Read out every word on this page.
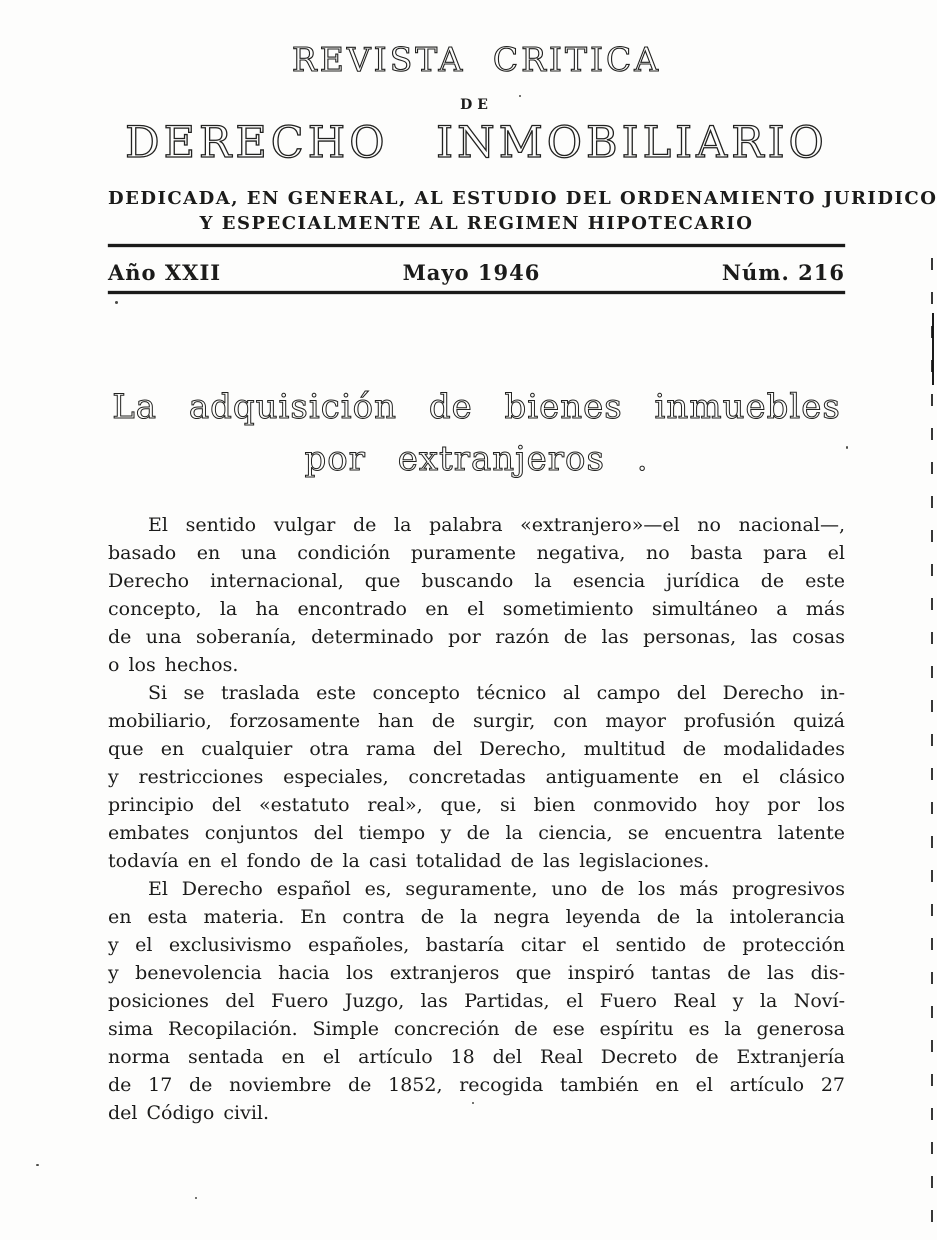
REVISTA CRITICA
DE
DERECHO INMOBILIARIO
DEDICADA, EN GENERAL, AL ESTUDIO DEL ORDENAMIENTO JURIDICO
Y ESPECIALMENTE AL REGIMEN HIPOTECARIO
Año XXII	Mayo 1946	Núm. 216
La adquisición de bienes inmuebles
por extranjeros .

El sentido vulgar de la palabra «extranjero»—el no nacional—,
basado en una condición puramente negativa, no basta para el
Derecho internacional, que buscando la esencia jurídica de este
concepto, la ha encontrado en el sometimiento simultáneo a más
de una soberanía, determinado por razón de las personas, las cosas
o los hechos.

Si se traslada este concepto técnico al campo del Derecho in-
mobiliario, forzosamente han de surgir, con mayor profusión quizá
que en cualquier otra rama del Derecho, multitud de modalidades
y restricciones especiales, concretadas antiguamente en el clásico
principio del «estatuto real», que, si bien conmovido hoy por los
embates conjuntos del tiempo y de la ciencia, se encuentra latente
todavía en el fondo de la casi totalidad de las legislaciones.

El Derecho español es, seguramente, uno de los más progresivos
en esta materia. En contra de la negra leyenda de la intolerancia
y el exclusivismo españoles, bastaría citar el sentido de protección
y benevolencia hacia los extranjeros que inspiró tantas de las dis-
posiciones del Fuero Juzgo, las Partidas, el Fuero Real y la Noví-
sima Recopilación. Simple concreción de ese espíritu es la generosa
norma sentada en el artículo 18 del Real Decreto de Extranjería
de 17 de noviembre de 1852, recogida también en el artículo 27
del Código civil.
